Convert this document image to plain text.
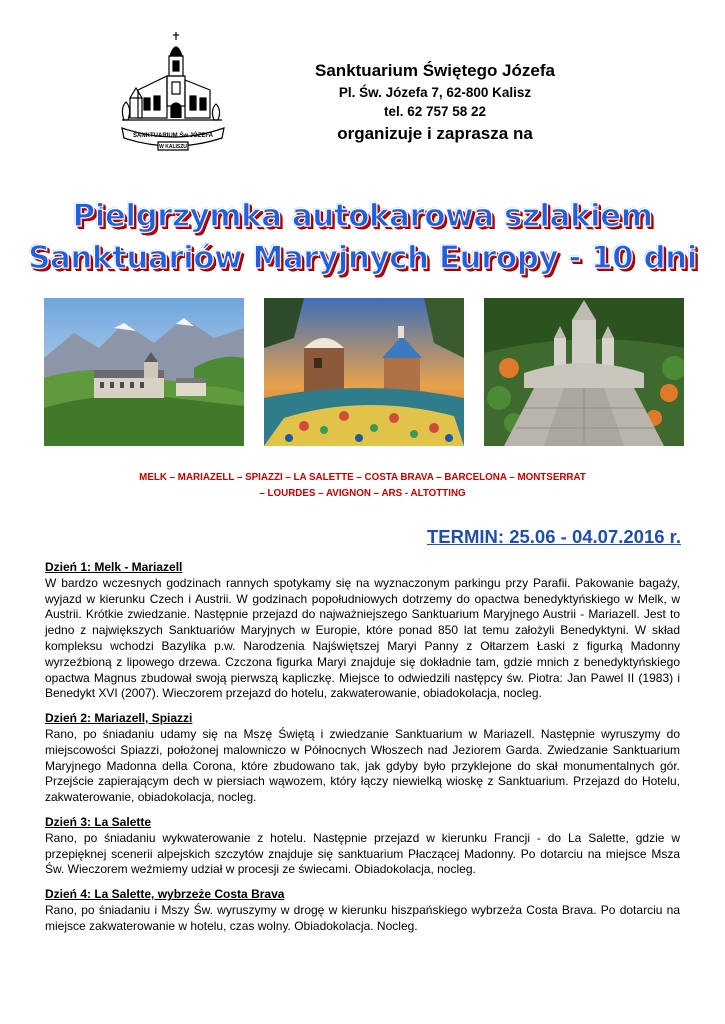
SANKTUARIUM Św JÓZEFA
W KALISZU
Sanktuarium Świętego Józefa
Pl. Św. Józefa 7, 62-800 Kalisz
tel. 62 757 58 22
organizuje i zaprasza na
Pielgrzymka autokarowa szlakiem
Sanktuariów Maryjnych Europy - 10 dni
MELK – MARIAZELL – SPIAZZI – LA SALETTE – COSTA BRAVA – BARCELONA – MONTSERRAT
– LOURDES – AVIGNON – ARS - ALTOTTING
TERMIN: 25.06 - 04.07.2016 r.
Dzień 1: Melk - Mariazell
W bardzo wczesnych godzinach rannych spotykamy się na wyznaczonym parkingu przy Parafii. Pakowanie bagaży, wyjazd w kierunku Czech i Austrii. W godzinach popołudniowych dotrzemy do opactwa benedyktyńskiego w Melk, w Austrii. Krótkie zwiedzanie. Następnie przejazd do najważniejszego Sanktuarium Maryjnego Austrii - Mariazell. Jest to jedno z największych Sanktuariów Maryjnych w Europie, które ponad 850 lat temu założyli Benedyktyni. W skład kompleksu wchodzi Bazylika p.w. Narodzenia Najświętszej Maryi Panny z Ołtarzem Łaski z figurką Madonny wyrzeźbioną z lipowego drzewa. Czczona figurka Maryi znajduje się dokładnie tam, gdzie mnich z benedyktyńskiego opactwa Magnus zbudował swoją pierwszą kapliczkę. Miejsce to odwiedzili następcy św. Piotra: Jan Pawel II (1983) i Benedykt XVI (2007). Wieczorem przejazd do hotelu, zakwaterowanie, obiadokolacja, nocleg.
Dzień 2: Mariazell, Spiazzi
Rano, po śniadaniu udamy się na Mszę Świętą i zwiedzanie Sanktuarium w Mariazell. Następnie wyruszymy do miejscowości Spiazzi, położonej malowniczo w Północnych Włoszech nad Jeziorem Garda. Zwiedzanie Sanktuarium Maryjnego Madonna della Corona, które zbudowano tak, jak gdyby było przyklejone do skał monumentalnych gór. Przejście zapierającym dech w piersiach wąwozem, który łączy niewielką wioskę z Sanktuarium. Przejazd do Hotelu, zakwaterowanie, obiadokolacja, nocleg.
Dzień 3: La Salette
Rano, po śniadaniu wykwaterowanie z hotelu. Następnie przejazd w kierunku Francji - do La Salette, gdzie w przepięknej scenerii alpejskich szczytów znajduje się sanktuarium Płaczącej Madonny. Po dotarciu na miejsce Msza Św. Wieczorem weźmiemy udział w procesji ze świecami. Obiadokolacja, nocleg.
Dzień 4: La Salette, wybrzeże Costa Brava
Rano, po śniadaniu i Mszy Św. wyruszymy w drogę w kierunku hiszpańskiego wybrzeża Costa Brava. Po dotarciu na miejsce zakwaterowanie w hotelu, czas wolny. Obiadokolacja. Nocleg.
